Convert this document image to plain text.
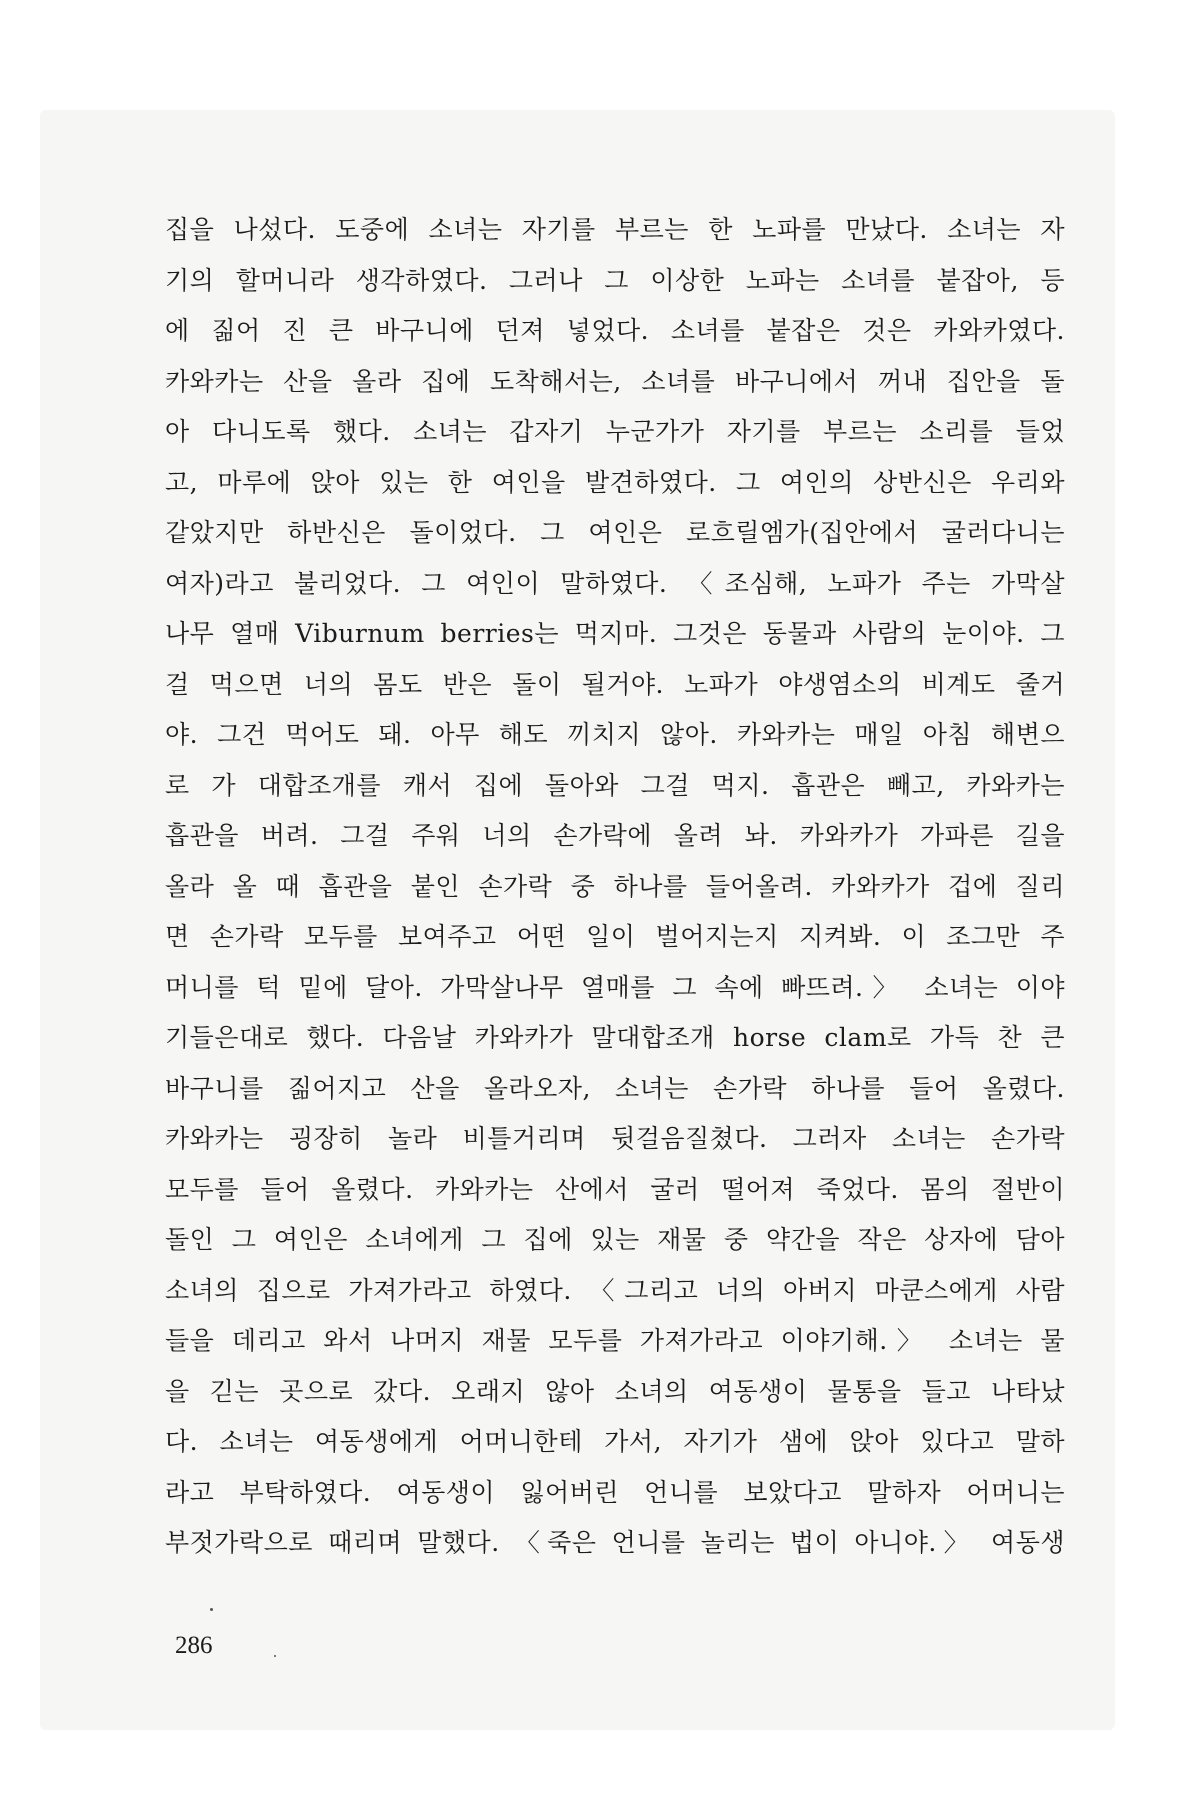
집을 나섰다. 도중에 소녀는 자기를 부르는 한 노파를 만났다. 소녀는 자
기의 할머니라 생각하였다. 그러나 그 이상한 노파는 소녀를 붙잡아, 등
에 짊어 진 큰 바구니에 던져 넣었다. 소녀를 붙잡은 것은 카와카였다.
카와카는 산을 올라 집에 도착해서는, 소녀를 바구니에서 꺼내 집안을 돌
아 다니도록 했다. 소녀는 갑자기 누군가가 자기를 부르는 소리를 들었
고, 마루에 앉아 있는 한 여인을 발견하였다. 그 여인의 상반신은 우리와
같았지만 하반신은 돌이었다. 그 여인은 로흐릴엠가(집안에서 굴러다니는
여자)라고 불리었다. 그 여인이 말하였다. 〈조심해, 노파가 주는 가막살
나무 열매 Viburnum berries는 먹지마. 그것은 동물과 사람의 눈이야. 그
걸 먹으면 너의 몸도 반은 돌이 될거야. 노파가 야생염소의 비계도 줄거
야. 그건 먹어도 돼. 아무 해도 끼치지 않아. 카와카는 매일 아침 해변으
로 가 대합조개를 캐서 집에 돌아와 그걸 먹지. 흡관은 빼고, 카와카는
흡관을 버려. 그걸 주워 너의 손가락에 올려 놔. 카와카가 가파른 길을
올라 올 때 흡관을 붙인 손가락 중 하나를 들어올려. 카와카가 겁에 질리
면 손가락 모두를 보여주고 어떤 일이 벌어지는지 지켜봐. 이 조그만 주
머니를 턱 밑에 달아. 가막살나무 열매를 그 속에 빠뜨려.〉 소녀는 이야
기들은대로 했다. 다음날 카와카가 말대합조개 horse clam로 가득 찬 큰
바구니를 짊어지고 산을 올라오자, 소녀는 손가락 하나를 들어 올렸다.
카와카는 굉장히 놀라 비틀거리며 뒷걸음질쳤다. 그러자 소녀는 손가락
모두를 들어 올렸다. 카와카는 산에서 굴러 떨어져 죽었다. 몸의 절반이
돌인 그 여인은 소녀에게 그 집에 있는 재물 중 약간을 작은 상자에 담아
소녀의 집으로 가져가라고 하였다. 〈그리고 너의 아버지 마쿤스에게 사람
들을 데리고 와서 나머지 재물 모두를 가져가라고 이야기해.〉 소녀는 물
을 긷는 곳으로 갔다. 오래지 않아 소녀의 여동생이 물통을 들고 나타났
다. 소녀는 여동생에게 어머니한테 가서, 자기가 샘에 앉아 있다고 말하
라고 부탁하였다. 여동생이 잃어버린 언니를 보았다고 말하자 어머니는
부젓가락으로 때리며 말했다. 〈죽은 언니를 놀리는 법이 아니야.〉 여동생
286
